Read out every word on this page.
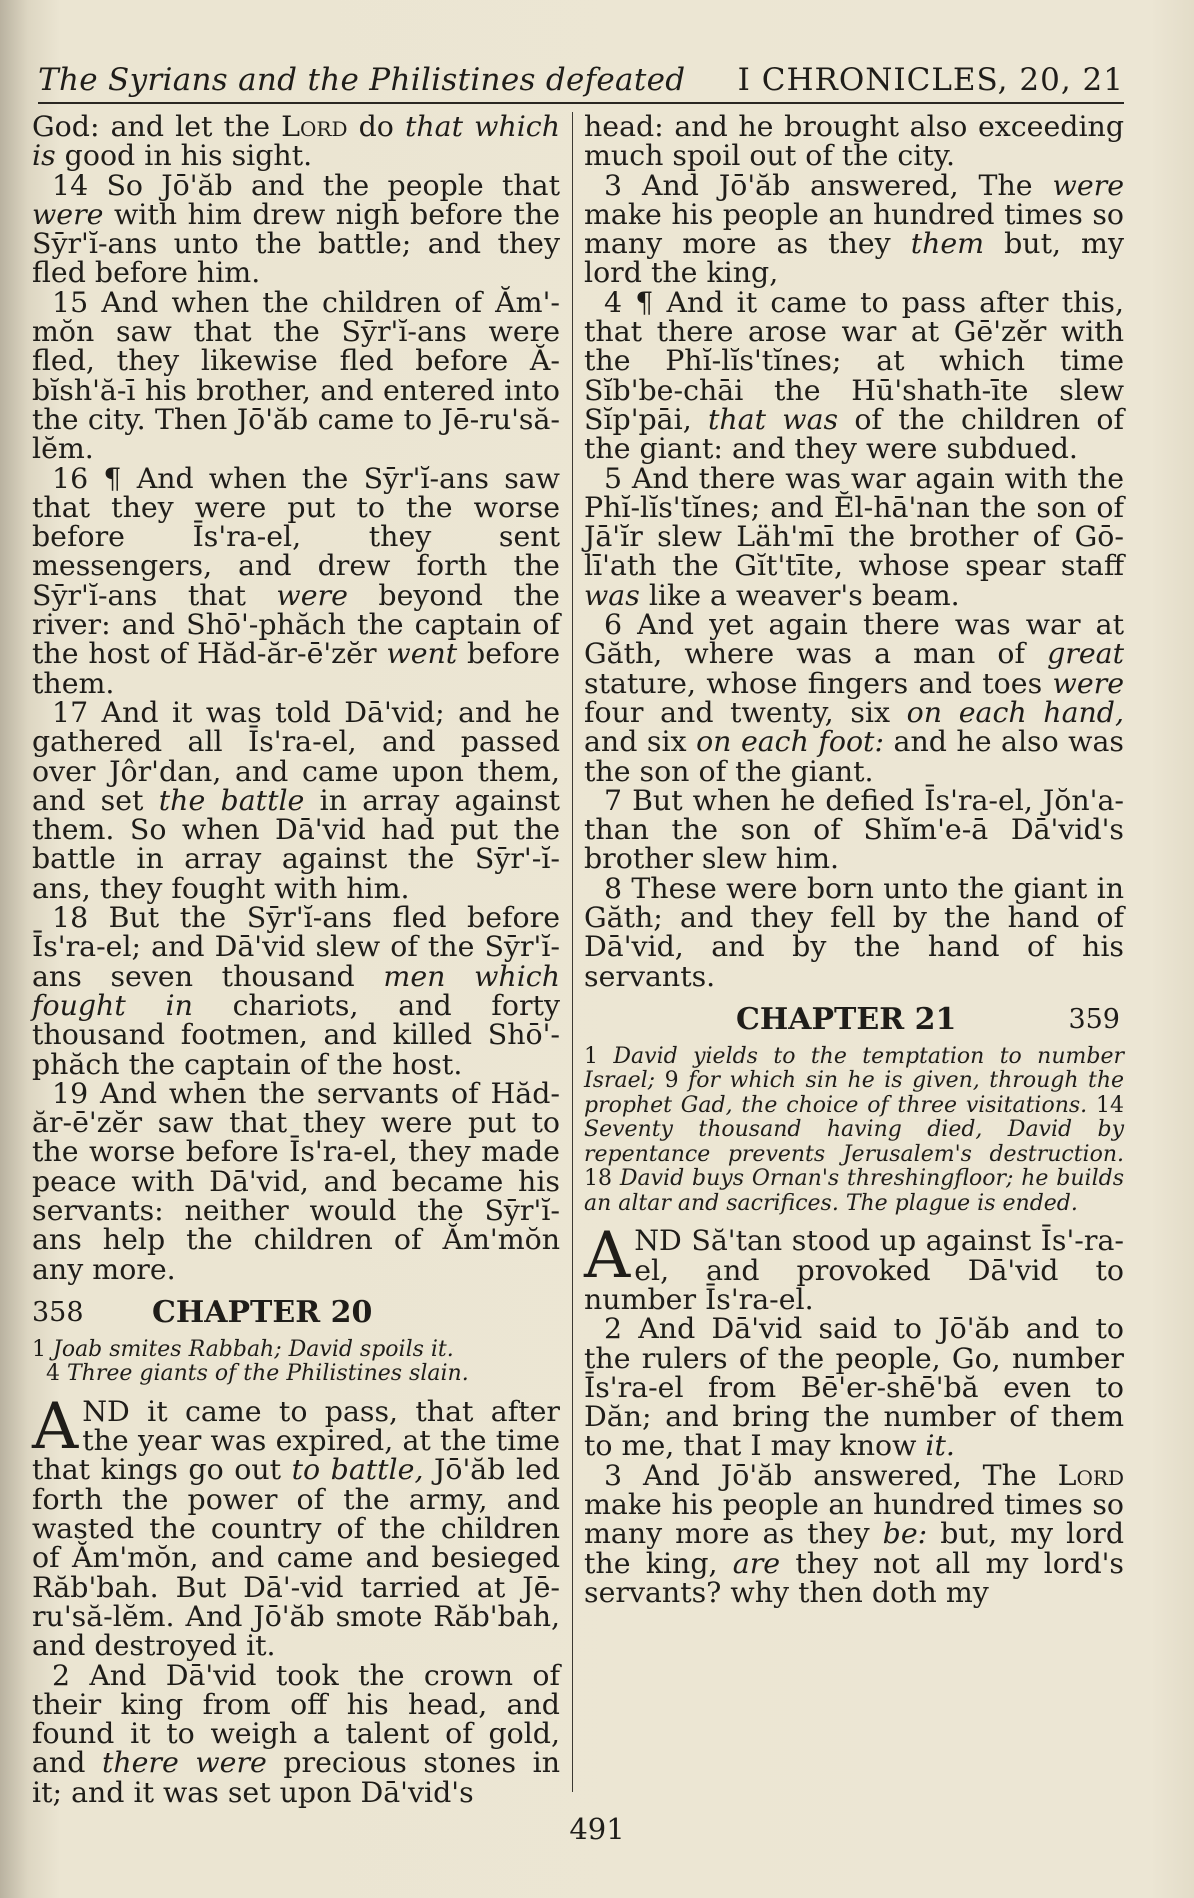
The Syrians and the Philistines defeated I CHRONICLES, 20, 21

God: and let the Lord do that which is good in his sight.

14 So Jō'ăb and the people that were with him drew nigh before the Sȳr'ĭ-ans unto the battle; and they fled before him.

15 And when the children of Ăm'-mŏn saw that the Sȳr'ĭ-ans were fled, they likewise fled before Ă-bĭsh'ă-ī his brother, and entered into the city. Then Jō'ăb came to Jē-ru'să-lĕm.

16 ¶ And when the Sȳr'ĭ-ans saw that they were put to the worse before Īs'ra-el, they sent messengers, and drew forth the Sȳr'ĭ-ans that were beyond the river: and Shō'-phăch the captain of the host of Hăd-ăr-ē'zĕr went before them.

17 And it was told Dā'vid; and he gathered all Īs'ra-el, and passed over Jôr'dan, and came upon them, and set the battle in array against them. So when Dā'vid had put the battle in array against the Sȳr'-ĭ-ans, they fought with him.

18 But the Sȳr'ĭ-ans fled before Īs'ra-el; and Dā'vid slew of the Sȳr'ĭ-ans seven thousand men which fought in chariots, and forty thousand footmen, and killed Shō'-phăch the captain of the host.

19 And when the servants of Hăd-ăr-ē'zĕr saw that they were put to the worse before Īs'ra-el, they made peace with Dā'vid, and became his servants: neither would the Sȳr'ĭ-ans help the children of Ăm'mŏn any more.

358 CHAPTER 20
1 Joab smites Rabbah; David spoils it.
4 Three giants of the Philistines slain.

AND it came to pass, that after the year was expired, at the time that kings go out to battle, Jō'ăb led forth the power of the army, and wasted the country of the children of Ăm'mŏn, and came and besieged Răb'bah. But Dā'-vid tarried at Jē-ru'să-lĕm. And Jō'ăb smote Răb'bah, and destroyed it.

2 And Dā'vid took the crown of their king from off his head, and found it to weigh a talent of gold, and there were precious stones in it; and it was set upon Dā'vid's

head: and he brought also exceeding much spoil out of the city.

3 And Jō'ăb answered, The were make his people an hundred times so many more as they them but, my lord the king,

4 ¶ And it came to pass after this, that there arose war at Gē'zĕr with the Phĭ-lĭs'tĭnes; at which time Sĭb'be-chāi the Hū'shath-īte slew Sĭp'pāi, that was of the children of the giant: and they were subdued.

5 And there was war again with the Phĭ-lĭs'tĭnes; and Ĕl-hā'nan the son of Jā'ĭr slew Läh'mī the brother of Gō-lī'ath the Gĭt'tīte, whose spear staff was like a weaver's beam.

6 And yet again there was war at Găth, where was a man of great stature, whose fingers and toes were four and twenty, six on each hand, and six on each foot: and he also was the son of the giant.

7 But when he defied Īs'ra-el, Jŏn'a-than the son of Shĭm'e-ā Dā'vid's brother slew him.

8 These were born unto the giant in Găth; and they fell by the hand of Dā'vid, and by the hand of his servants.

CHAPTER 21	359
1 David yields to the temptation to number Israel; 9 for which sin he is given, through the prophet Gad, the choice of three visitations. 14 Seventy thousand having died, David by repentance prevents Jerusalem's destruction. 18 David buys Ornan's threshingfloor; he builds an altar and sacrifices. The plague is ended.

AND Să'tan stood up against Īs'-ra-el, and provoked Dā'vid to number Īs'ra-el.

2 And Dā'vid said to Jō'ăb and to the rulers of the people, Go, number Īs'ra-el from Bē'er-shē'bă even to Dăn; and bring the number of them to me, that I may know it.

3 And Jō'ăb answered, The Lord make his people an hundred times so many more as they be: but, my lord the king, are they not all my lord's servants? why then doth my

491
